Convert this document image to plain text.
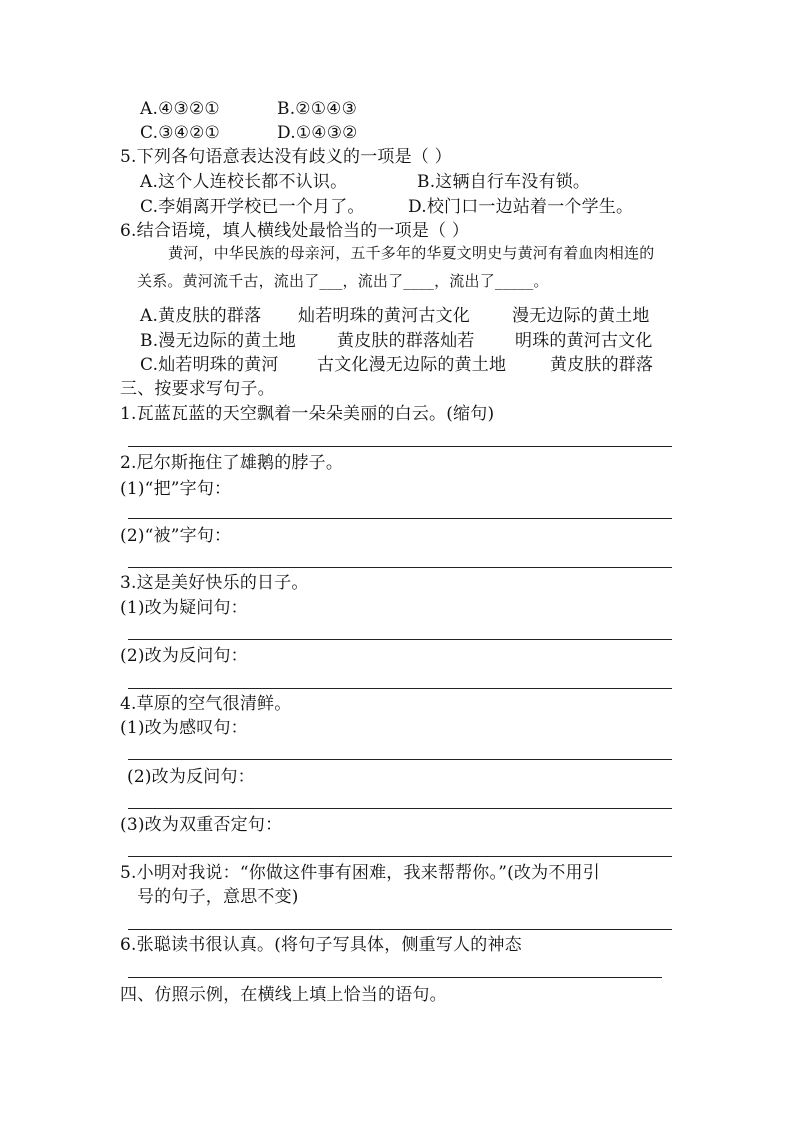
A.④③②①	B.②①④③
C.③④②①	D.①④③②
5.下列各句语意表达没有歧义的一项是（ ）
A.这个人连校长都不认识。	B.这辆自行车没有锁。
C.李娟离开学校已一个月了。	D.校门口一边站着一个学生。
6.结合语境，填人横线处最恰当的一项是（ ）
黄河，中华民族的母亲河，五千多年的华夏文明史与黄河有着血肉相连的
关系。黄河流千古，流出了___，流出了____，流出了_____。
A.黄皮肤的群落 灿若明珠的黄河古文化 漫无边际的黄土地
B.漫无边际的黄土地 黄皮肤的群落灿若 明珠的黄河古文化
C.灿若明珠的黄河 古文化漫无边际的黄土地	黄皮肤的群落
三、按要求写句子。
1.瓦蓝瓦蓝的天空飘着一朵朵美丽的白云。(缩句)
2.尼尔斯拖住了雄鹅的脖子。
(1)“把”字句：
(2)“被”字句：
3.这是美好快乐的日子。
(1)改为疑问句：
(2)改为反问句：
4.草原的空气很清鲜。
(1)改为感叹句：
(2)改为反问句：
(3)改为双重否定句：
5.小明对我说：“你做这件事有困难，我来帮帮你。”(改为不用引
号的句子，意思不变)
6.张聪读书很认真。(将句子写具体，侧重写人的神态
四、仿照示例，在横线上填上恰当的语句。
